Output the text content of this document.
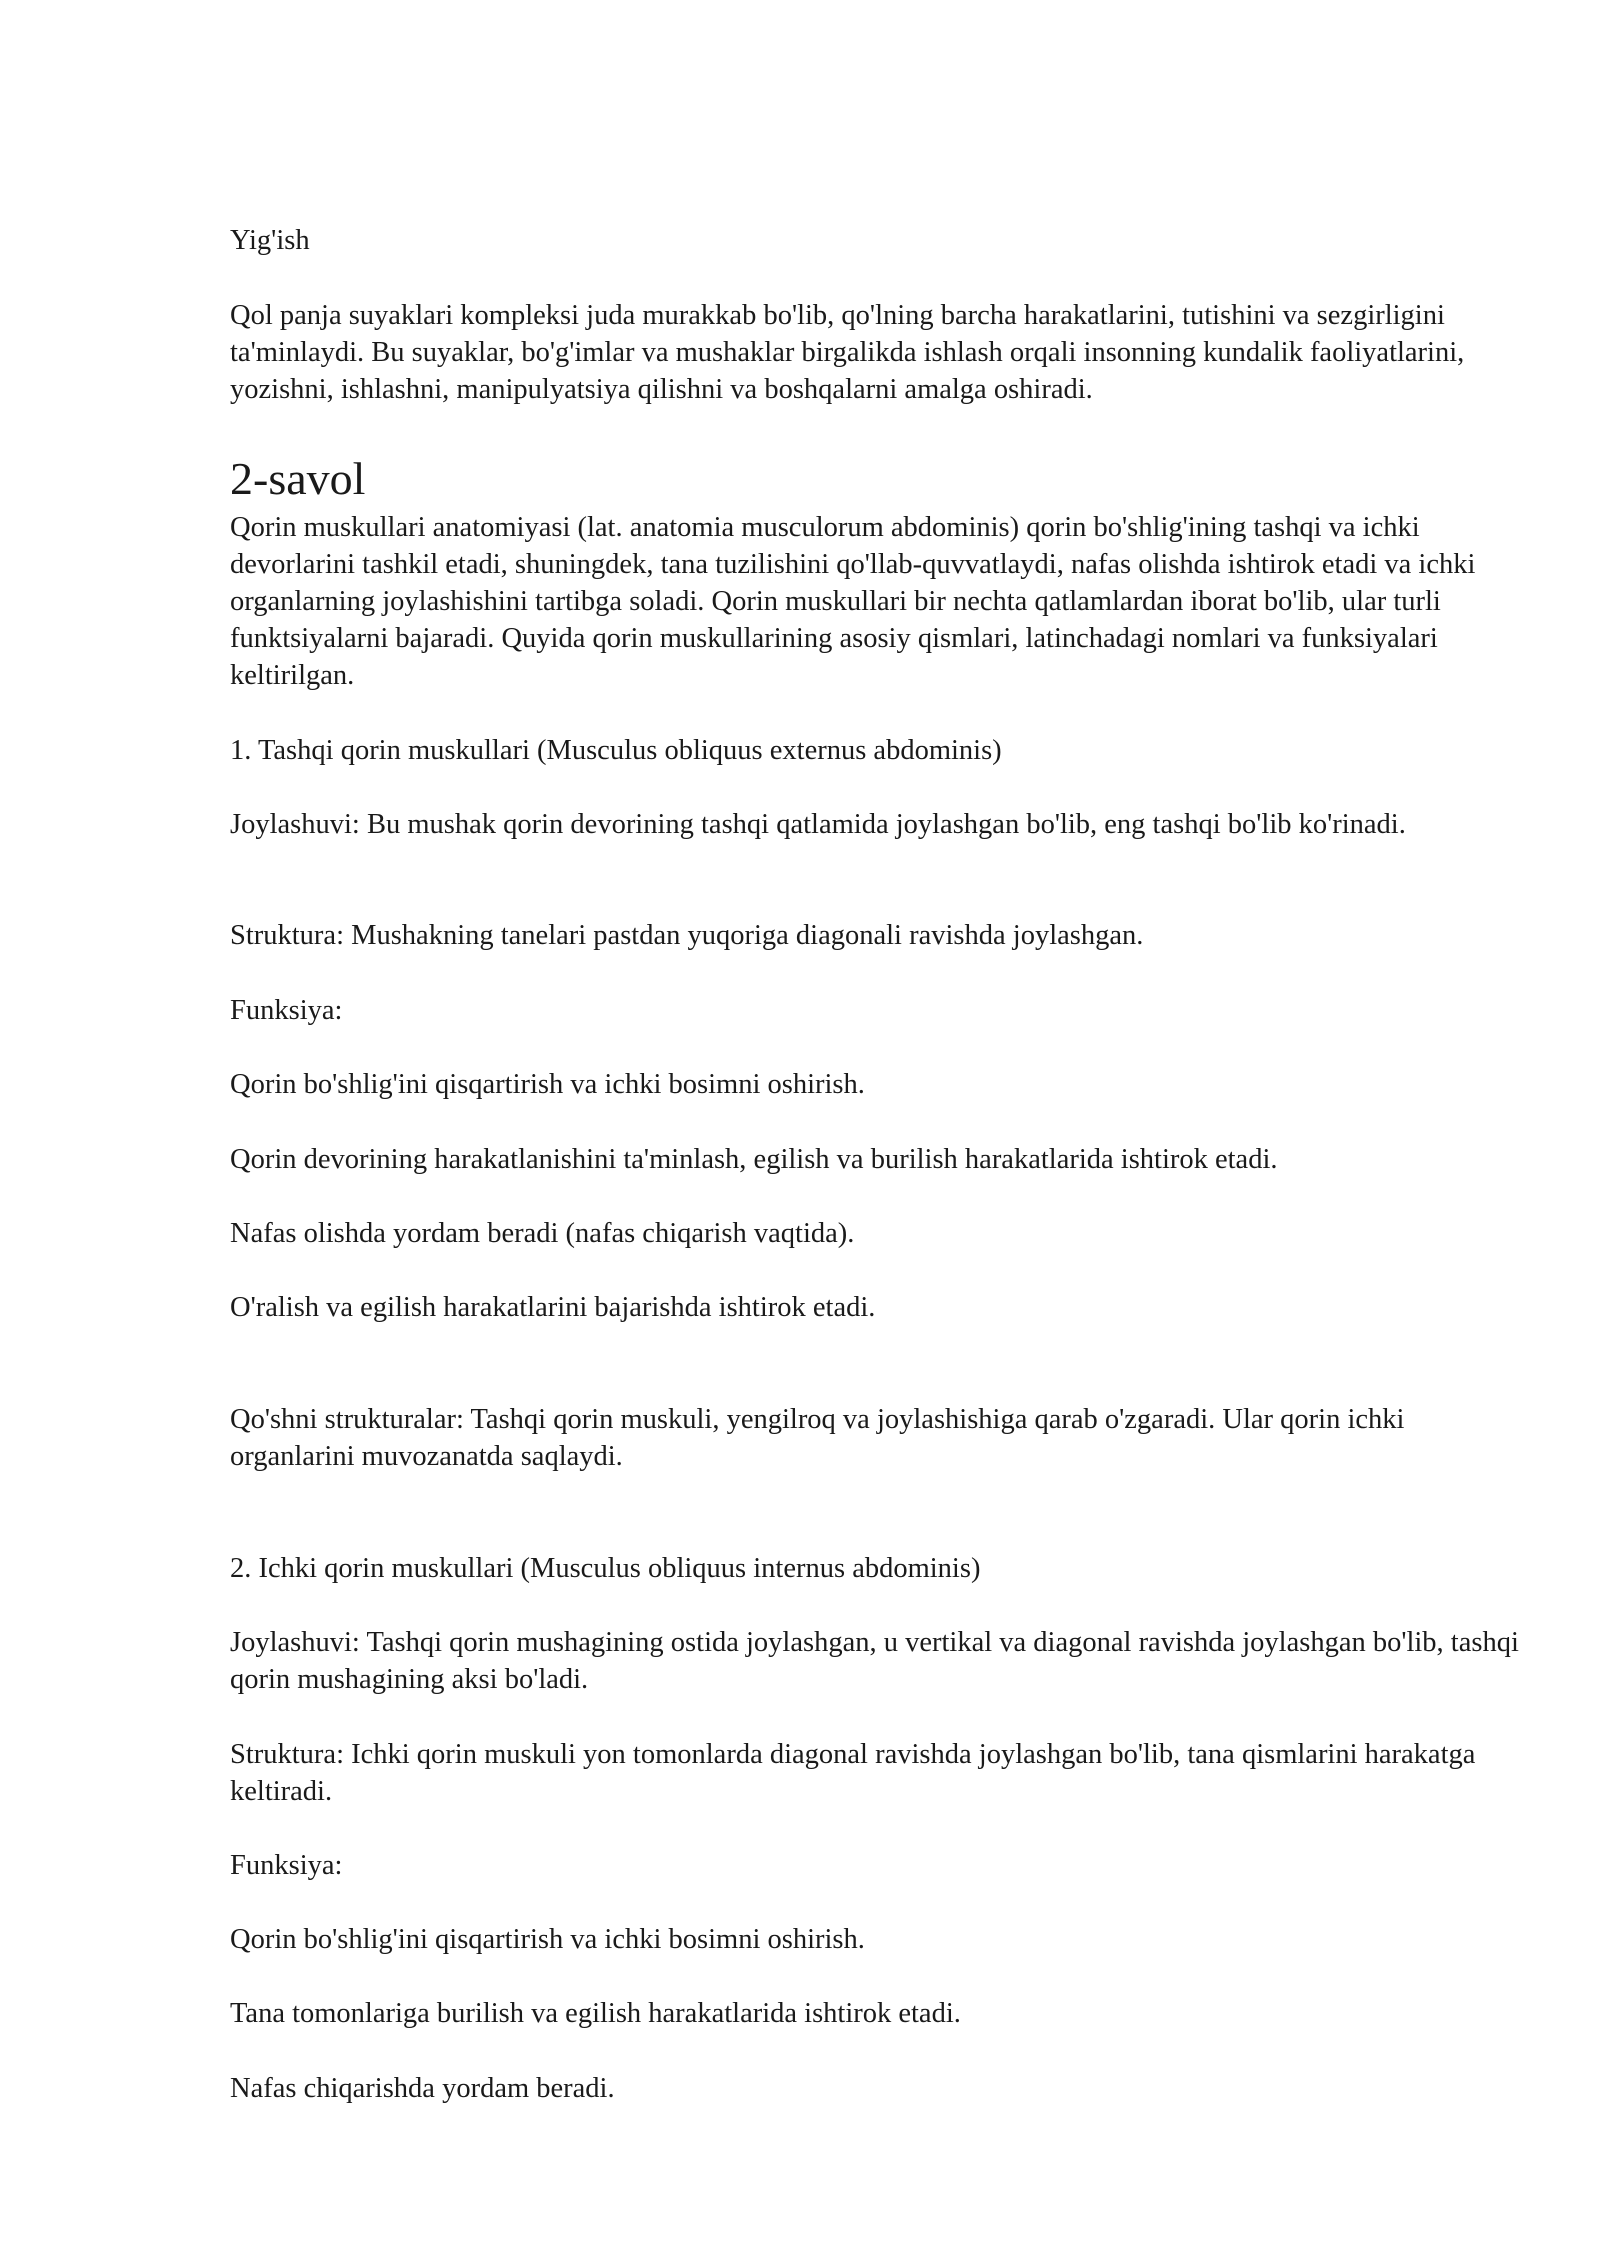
Yig'ish

Qol panja suyaklari kompleksi juda murakkab bo'lib, qo'lning barcha harakatlarini, tutishini va sezgirligini ta'minlaydi. Bu suyaklar, bo'g'imlar va mushaklar birgalikda ishlash orqali insonning kundalik faoliyatlarini, yozishni, ishlashni, manipulyatsiya qilishni va boshqalarni amalga oshiradi.

2-savol

Qorin muskullari anatomiyasi (lat. anatomia musculorum abdominis) qorin bo'shlig'ining tashqi va ichki devorlarini tashkil etadi, shuningdek, tana tuzilishini qo'llab-quvvatlaydi, nafas olishda ishtirok etadi va ichki organlarning joylashishini tartibga soladi. Qorin muskullari bir nechta qatlamlardan iborat bo'lib, ular turli funktsiyalarni bajaradi. Quyida qorin muskullarining asosiy qismlari, latinchadagi nomlari va funksiyalari keltirilgan.

1. Tashqi qorin muskullari (Musculus obliquus externus abdominis)

Joylashuvi: Bu mushak qorin devorining tashqi qatlamida joylashgan bo'lib, eng tashqi bo'lib ko'rinadi.

Struktura: Mushakning tanelari pastdan yuqoriga diagonali ravishda joylashgan.

Funksiya:

Qorin bo'shlig'ini qisqartirish va ichki bosimni oshirish.

Qorin devorining harakatlanishini ta'minlash, egilish va burilish harakatlarida ishtirok etadi.

Nafas olishda yordam beradi (nafas chiqarish vaqtida).

O'ralish va egilish harakatlarini bajarishda ishtirok etadi.

Qo'shni strukturalar: Tashqi qorin muskuli, yengilroq va joylashishiga qarab o'zgaradi. Ular qorin ichki organlarini muvozanatda saqlaydi.

2. Ichki qorin muskullari (Musculus obliquus internus abdominis)

Joylashuvi: Tashqi qorin mushagining ostida joylashgan, u vertikal va diagonal ravishda joylashgan bo'lib, tashqi qorin mushagining aksi bo'ladi.

Struktura: Ichki qorin muskuli yon tomonlarda diagonal ravishda joylashgan bo'lib, tana qismlarini harakatga keltiradi.

Funksiya:

Qorin bo'shlig'ini qisqartirish va ichki bosimni oshirish.

Tana tomonlariga burilish va egilish harakatlarida ishtirok etadi.

Nafas chiqarishda yordam beradi.
